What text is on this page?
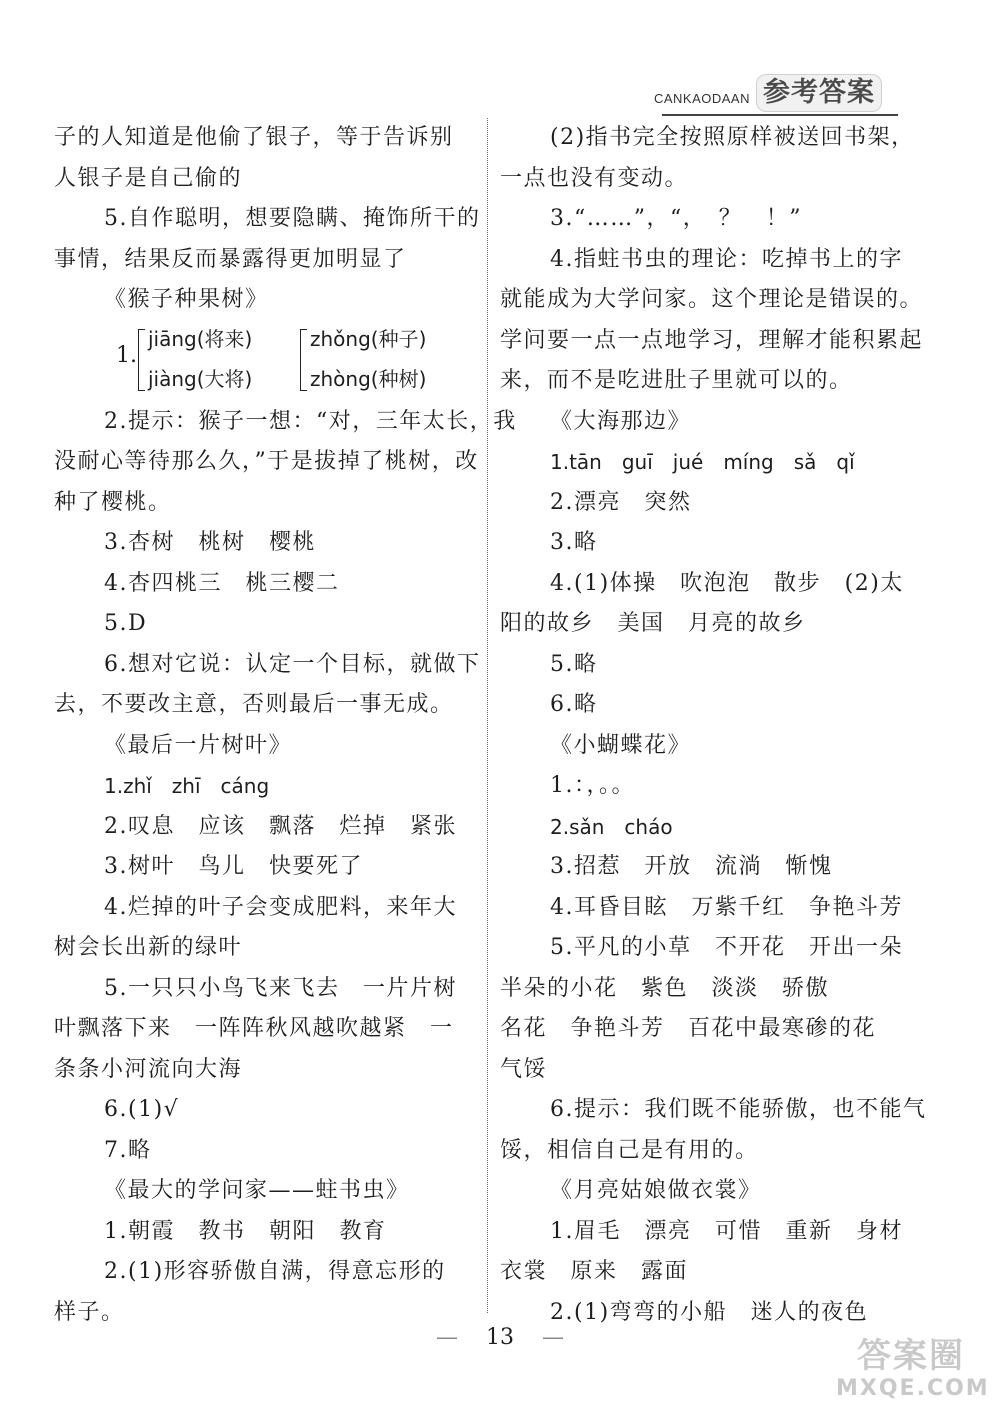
CANKAODAAN 参考答案
子的人知道是他偷了银子，等于告诉别
人银子是自己偷的
5.自作聪明，想要隐瞒、掩饰所干的
事情，结果反而暴露得更加明显了
《猴子种果树》
1.
jiāng(将来)
jiàng(大将)
zhǒng(种子)
zhòng(种树)
2.提示：猴子一想：“对，三年太长，我
没耐心等待那么久，”于是拔掉了桃树，改
种了樱桃。
3.杏树　桃树　樱桃
4.杏四桃三　桃三樱二
5.D
6.想对它说：认定一个目标，就做下
去，不要改主意，否则最后一事无成。
《最后一片树叶》
1.zhǐ　zhī　cáng
2.叹息　应该　飘落　烂掉　紧张
3.树叶　鸟儿　快要死了
4.烂掉的叶子会变成肥料，来年大
树会长出新的绿叶
5.一只只小鸟飞来飞去　一片片树
叶飘落下来　一阵阵秋风越吹越紧　一
条条小河流向大海
6.(1)√
7.略
《最大的学问家——蛀书虫》
1.朝霞　教书　朝阳　教育
2.(1)形容骄傲自满，得意忘形的
样子。
(2)指书完全按照原样被送回书架，
一点也没有变动。
3.“……”，“，　？　！”
4.指蛀书虫的理论：吃掉书上的字
就能成为大学问家。这个理论是错误的。
学问要一点一点地学习，理解才能积累起
来，而不是吃进肚子里就可以的。
《大海那边》
1.tān　guī　jué　míng　sǎ　qǐ
2.漂亮　突然
3.略
4.(1)体操　吹泡泡　散步　(2)太
阳的故乡　美国　月亮的故乡
5.略
6.略
《小蝴蝶花》
1.：，。。
2.sǎn　cháo
3.招惹　开放　流淌　惭愧
4.耳昏目眩　万紫千红　争艳斗芳
5.平凡的小草　不开花　开出一朵
半朵的小花　紫色　淡淡　骄傲
名花　争艳斗芳　百花中最寒碜的花
气馁
6.提示：我们既不能骄傲，也不能气
馁，相信自己是有用的。
《月亮姑娘做衣裳》
1.眉毛　漂亮　可惜　重新　身材
衣裳　原来　露面
2.(1)弯弯的小船　迷人的夜色
— 13 —	答案圈
MXQE.COM
